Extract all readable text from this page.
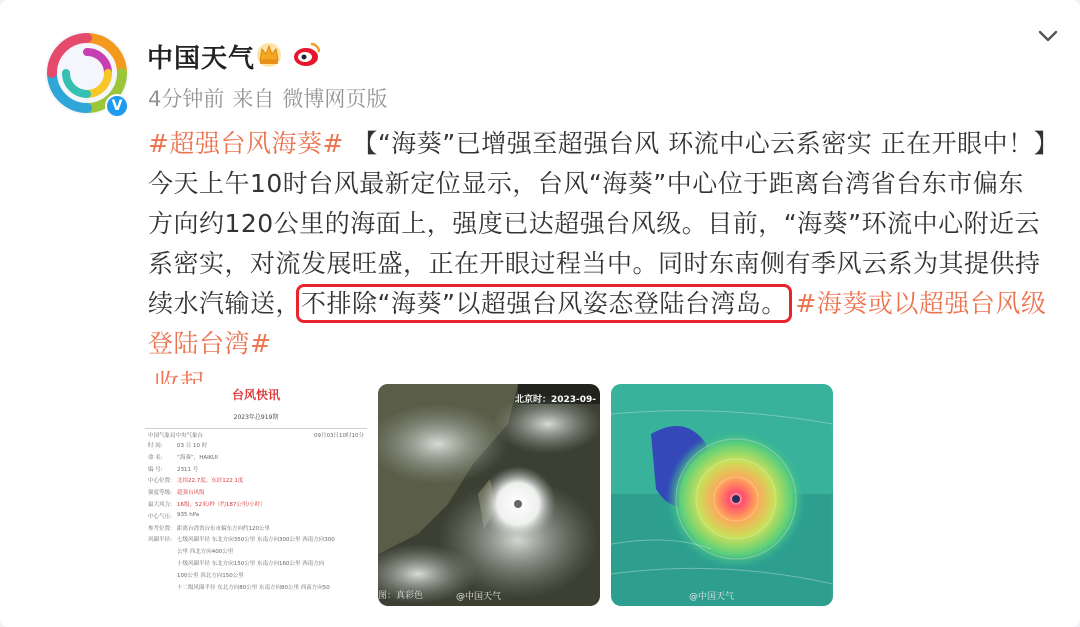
V
中国天气
4分钟前 来自 微博网页版
#超强台风海葵# 【“海葵”已增强至超强台风 环流中心云系密实 正在开眼中！】今天上午10时台风最新定位显示，台风“海葵”中心位于距离台湾省台东市偏东方向约120公里的海面上，强度已达超强台风级。目前，“海葵”环流中心附近云系密实，对流发展旺盛，正在开眼过程当中。同时东南侧有季风云系为其提供持续水汽输送，不排除“海葵”以超强台风姿态登陆台湾岛。 #海葵或以超强台风级登陆台湾#

台风快讯
2023年总919期
中国气象局中央气象台	09月03日10时10分
时 间:	03 日 10 时
命 名:	“海葵”，HAIKUI
编 号:	2311 号
中心位置: 北纬22.7度、东经122.1度
强度等级: 超强台风级
最大风力: 16级，52米/秒（约187公里/小时）
中心气压: 935 hPa
参考位置: 距离台湾省台东市偏东方向约120公里
风圈半径: 七级风圈半径 东北方向350公里 东南方向300公里 西南方向300
公里 西北方向400公里
十级风圈半径 东北方向150公里 东南方向160公里 西南方向
100公里 西北方向150公里
十二级风圈半径 东北方向80公里 东南方向80公里 西南方向50
北京时：2023-09-
图：真彩色	@中国天气	@中国天气
